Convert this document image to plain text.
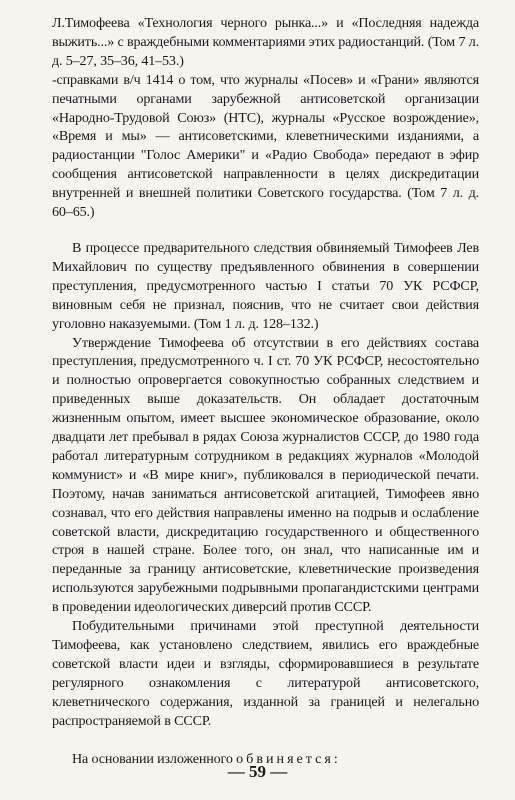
Л.Тимофеева «Технология черного рынка...» и «Последняя надежда выжить...» с враждебными комментариями этих радиостанций. (Том 7 л. д. 5–27, 35–36, 41–53.)
-справками в/ч 1414 о том, что журналы «Посев» и «Грани» являются печатными органами зарубежной антисоветской организации «Народно-Трудовой Союз» (НТС), журналы «Русское возрождение», «Время и мы» — антисоветскими, клеветническими изданиями, а радиостанции "Голос Америки" и «Радио Свобода» передают в эфир сообщения антисоветской направленности в целях дискредитации внутренней и внешней политики Советского государства. (Том 7 л. д. 60–65.)
В процессе предварительного следствия обвиняемый Тимофеев Лев Михайлович по существу предъявленного обвинения в совершении преступления, предусмотренного частью I статьи 70 УК РСФСР, виновным себя не признал, пояснив, что не считает свои действия уголовно наказуемыми. (Том 1 л. д. 128–132.)
Утверждение Тимофеева об отсутствии в его действиях состава преступления, предусмотренного ч. I ст. 70 УК РСФСР, несостоятельно и полностью опровергается совокупностью собранных следствием и приведенных выше доказательств. Он обладает достаточным жизненным опытом, имеет высшее экономическое образование, около двадцати лет пребывал в рядах Союза журналистов СССР, до 1980 года работал литературным сотрудником в редакциях журналов «Молодой коммунист» и «В мире книг», публиковался в периодической печати. Поэтому, начав заниматься антисоветской агитацией, Тимофеев явно сознавал, что его действия направлены именно на подрыв и ослабление советской власти, дискредитацию государственного и общественного строя в нашей стране. Более того, он знал, что написанные им и переданные за границу антисоветские, клеветнические произведения используются зарубежными подрывными пропагандистскими центрами в проведении идеологических диверсий против СССР.
Побудительными причинами этой преступной деятельности Тимофеева, как установлено следствием, явились его враждебные советской власти идеи и взгляды, сформировавшиеся в результате регулярного ознакомления с литературой антисоветского, клеветнического содержания, изданной за границей и нелегально распространяемой в СССР.
На основании изложенного обвиняется:
— 59 —
